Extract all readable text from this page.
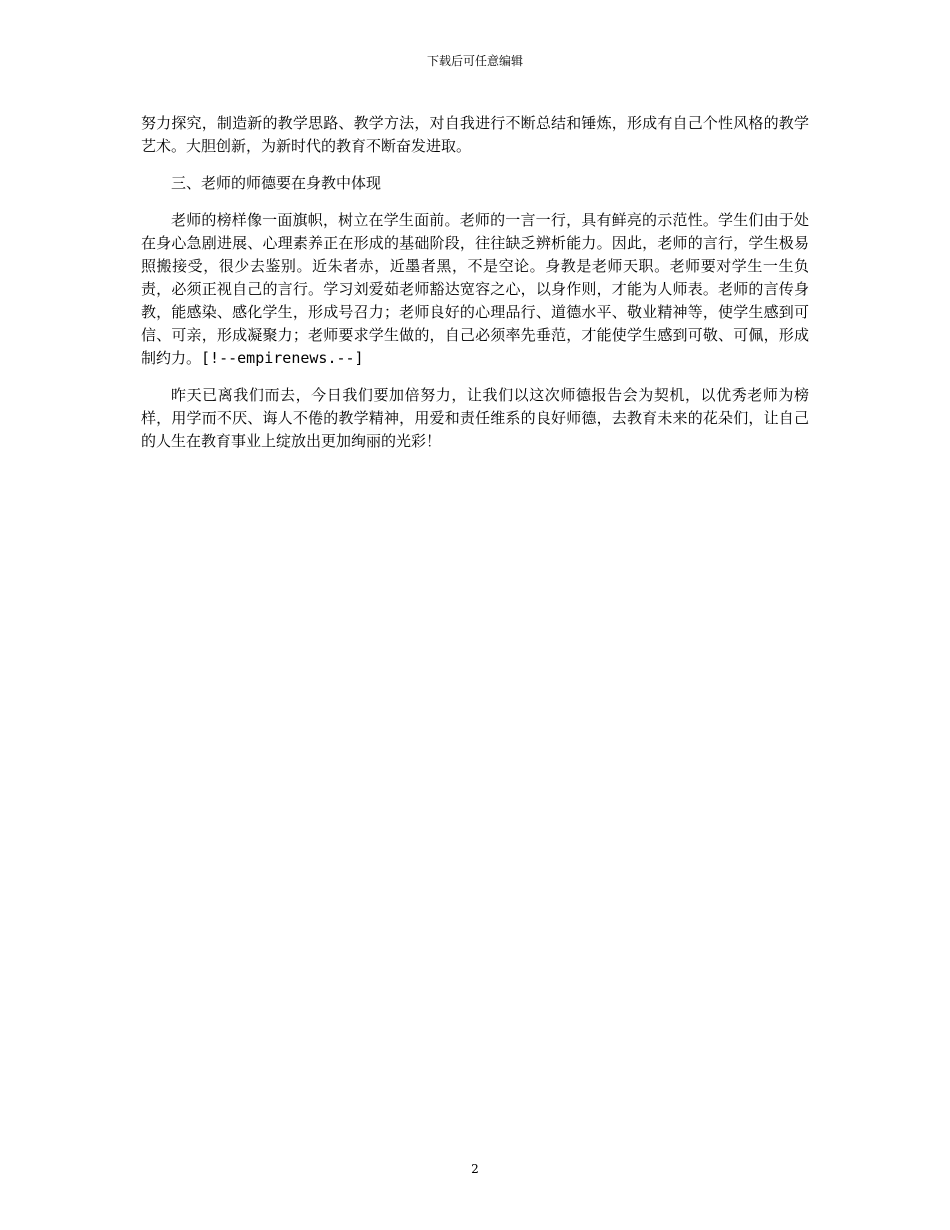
下载后可任意编辑

努力探究，制造新的教学思路、教学方法，对自我进行不断总结和锤炼，形成有自己个性风格的教学艺术。大胆创新，为新时代的教育不断奋发进取。

三、老师的师德要在身教中体现

老师的榜样像一面旗帜，树立在学生面前。老师的一言一行，具有鲜亮的示范性。学生们由于处在身心急剧进展、心理素养正在形成的基础阶段，往往缺乏辨析能力。因此，老师的言行，学生极易照搬接受，很少去鉴别。近朱者赤，近墨者黑，不是空论。身教是老师天职。老师要对学生一生负责，必须正视自己的言行。学习刘爱茹老师豁达宽容之心，以身作则，才能为人师表。老师的言传身教，能感染、感化学生，形成号召力；老师良好的心理品行、道德水平、敬业精神等，使学生感到可信、可亲，形成凝聚力；老师要求学生做的，自己必须率先垂范，才能使学生感到可敬、可佩，形成制约力。[!--empirenews.--]

昨天已离我们而去，今日我们要加倍努力，让我们以这次师德报告会为契机，以优秀老师为榜样，用学而不厌、诲人不倦的教学精神，用爱和责任维系的良好师德，去教育未来的花朵们，让自己的人生在教育事业上绽放出更加绚丽的光彩！

2
